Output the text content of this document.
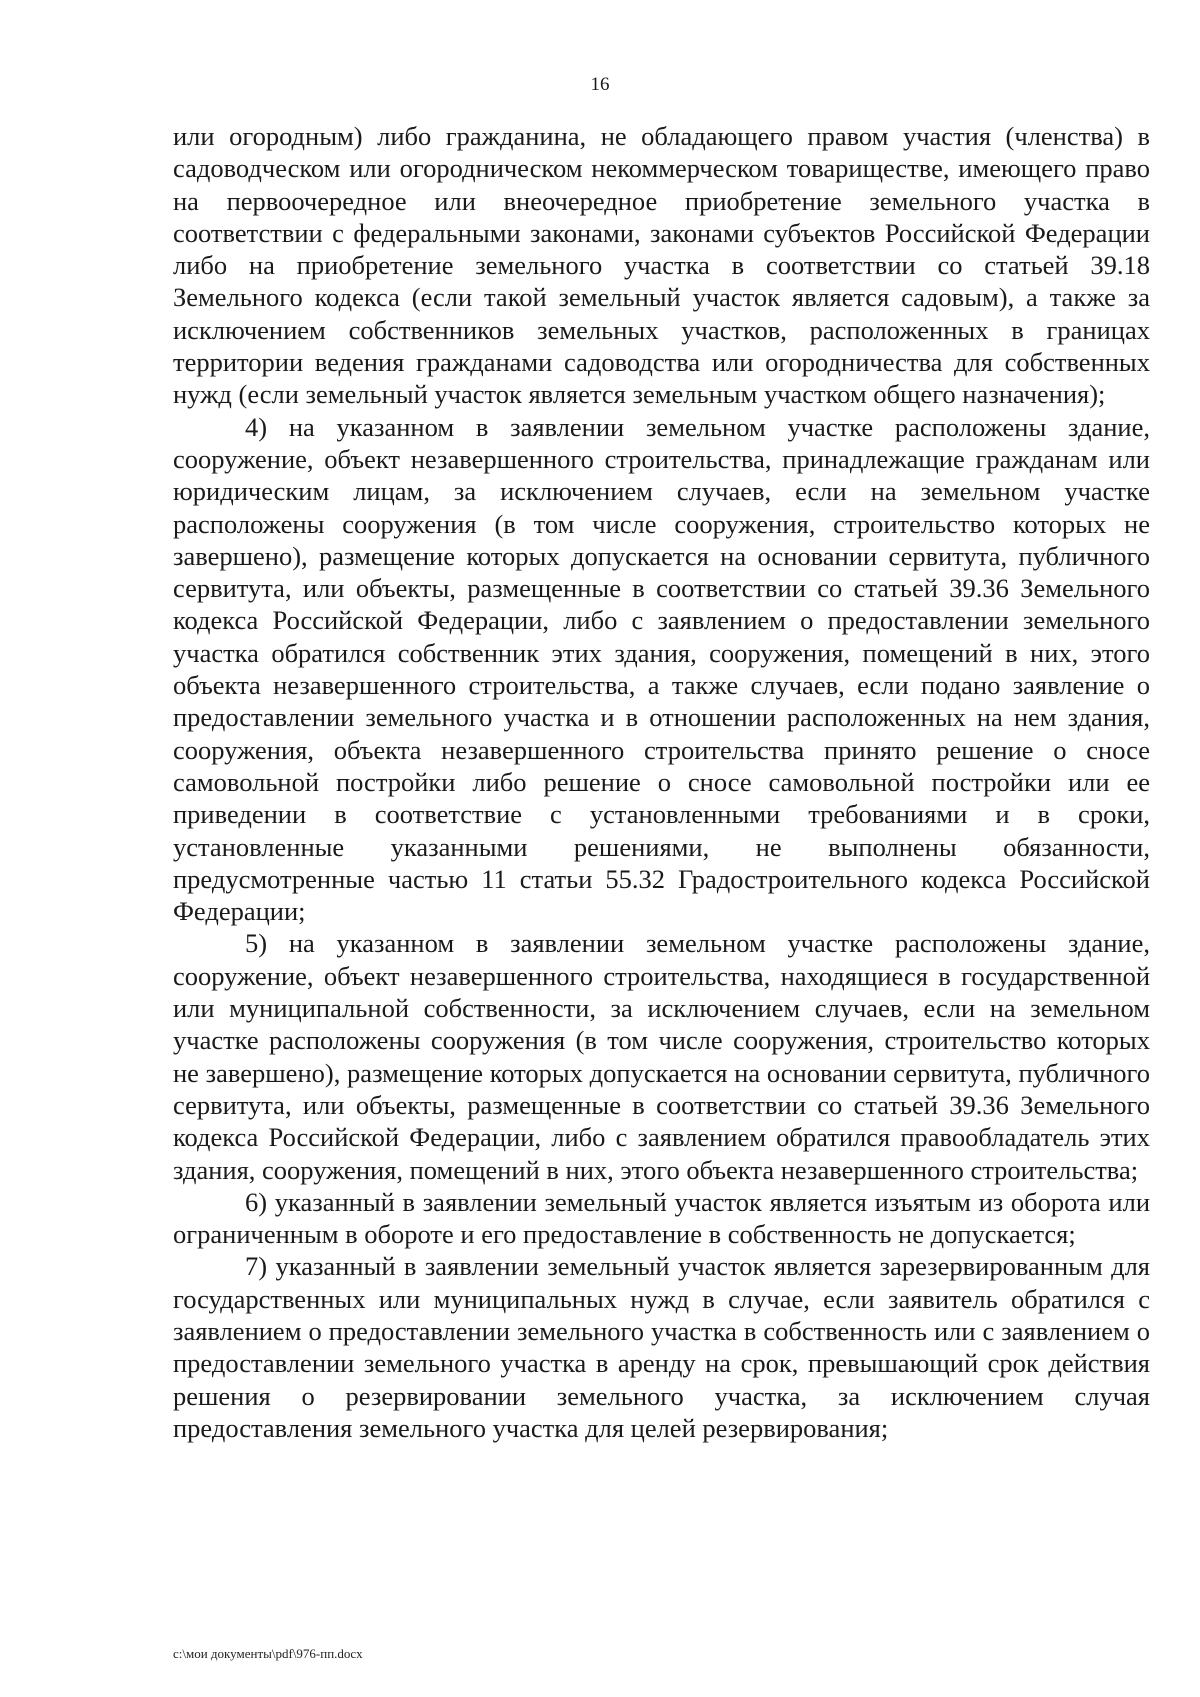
16

или огородным) либо гражданина, не обладающего правом участия (членства) в садоводческом или огородническом некоммерческом товариществе, имеющего право на первоочередное или внеочередное приобретение земельного участка в соответствии с федеральными законами, законами субъектов Российской Федерации либо на приобретение земельного участка в соответствии со статьей 39.18 Земельного кодекса (если такой земельный участок является садовым), а также за исключением собственников земельных участков, расположенных в границах территории ведения гражданами садоводства или огородничества для собственных нужд (если земельный участок является земельным участком общего назначения);

4) на указанном в заявлении земельном участке расположены здание, сооружение, объект незавершенного строительства, принадлежащие гражданам или юридическим лицам, за исключением случаев, если на земельном участке расположены сооружения (в том числе сооружения, строительство которых не завершено), размещение которых допускается на основании сервитута, публичного сервитута, или объекты, размещенные в соответствии со статьей 39.36 Земельного кодекса Российской Федерации, либо с заявлением о предоставлении земельного участка обратился собственник этих здания, сооружения, помещений в них, этого объекта незавершенного строительства, а также случаев, если подано заявление о предоставлении земельного участка и в отношении расположенных на нем здания, сооружения, объекта незавершенного строительства принято решение о сносе самовольной постройки либо решение о сносе самовольной постройки или ее приведении в соответствие с установленными требованиями и в сроки, установленные указанными решениями, не выполнены обязанности, предусмотренные частью 11 статьи 55.32 Градостроительного кодекса Российской Федерации;

5) на указанном в заявлении земельном участке расположены здание, сооружение, объект незавершенного строительства, находящиеся в государственной или муниципальной собственности, за исключением случаев, если на земельном участке расположены сооружения (в том числе сооружения, строительство которых не завершено), размещение которых допускается на основании сервитута, публичного сервитута, или объекты, размещенные в соответствии со статьей 39.36 Земельного кодекса Российской Федерации, либо с заявлением обратился правообладатель этих здания, сооружения, помещений в них, этого объекта незавершенного строительства;

6) указанный в заявлении земельный участок является изъятым из оборота или ограниченным в обороте и его предоставление в собственность не допускается;

7) указанный в заявлении земельный участок является зарезервированным для государственных или муниципальных нужд в случае, если заявитель обратился с заявлением о предоставлении земельного участка в собственность или с заявлением о предоставлении земельного участка в аренду на срок, превышающий срок действия решения о резервировании земельного участка, за исключением случая предоставления земельного участка для целей резервирования;

c:\мои документы\pdf\976-пп.docx
